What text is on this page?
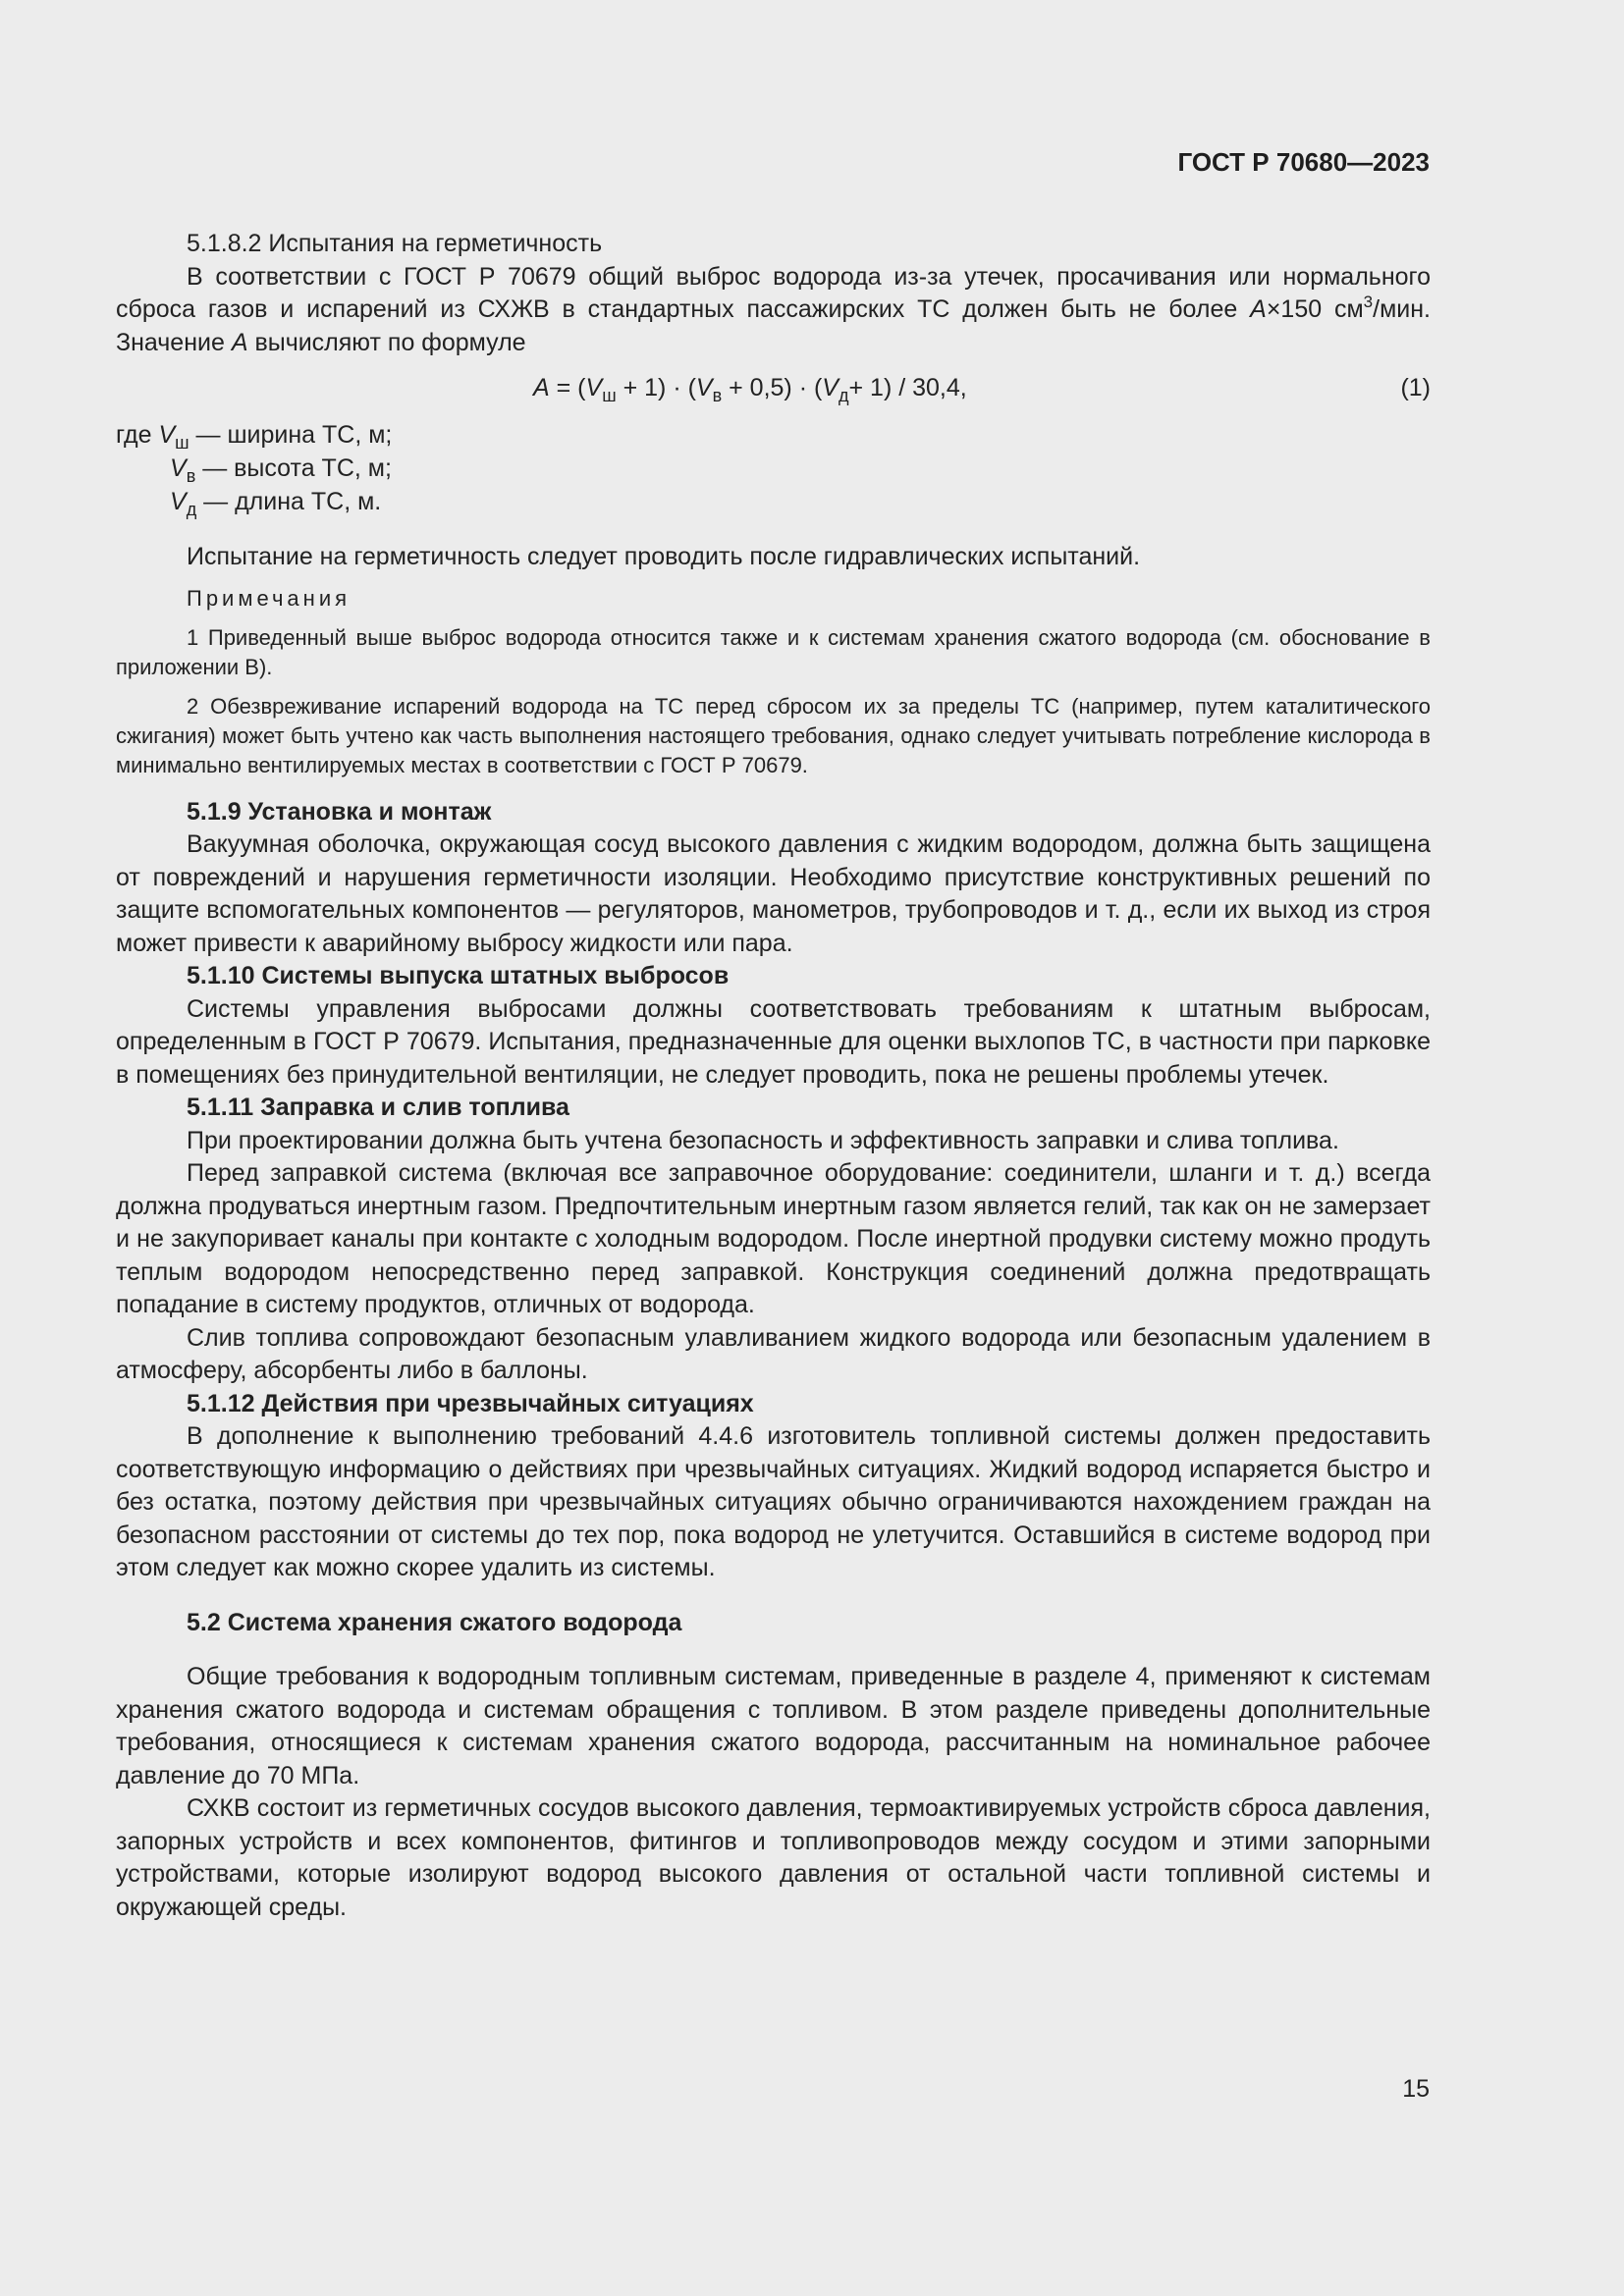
ГОСТ Р 70680—2023

5.1.8.2 Испытания на герметичность

В соответствии с ГОСТ Р 70679 общий выброс водорода из-за утечек, просачивания или нормального сброса газов и испарений из СХЖВ в стандартных пассажирских ТС должен быть не более A×150 $см^3$/мин. Значение A вычисляют по формуле

$A = (V_ш + 1) \cdot (V_в + 0,5) \cdot (V_д+ 1) / 30,4$,	(1)
где $V_ш$ — ширина ТС, м;
$V_в$ — высота ТС, м;
$V_д$ — длина ТС, м.

Испытание на герметичность следует проводить после гидравлических испытаний.

Примечания

1 Приведенный выше выброс водорода относится также и к системам хранения сжатого водорода (см. обоснование в приложении В).

2 Обезвреживание испарений водорода на ТС перед сбросом их за пределы ТС (например, путем каталитического сжигания) может быть учтено как часть выполнения настоящего требования, однако следует учитывать потребление кислорода в минимально вентилируемых местах в соответствии с ГОСТ Р 70679.

5.1.9 Установка и монтаж

Вакуумная оболочка, окружающая сосуд высокого давления с жидким водородом, должна быть защищена от повреждений и нарушения герметичности изоляции. Необходимо присутствие конструктивных решений по защите вспомогательных компонентов — регуляторов, манометров, трубопроводов и т. д., если их выход из строя может привести к аварийному выбросу жидкости или пара.

5.1.10 Системы выпуска штатных выбросов

Системы управления выбросами должны соответствовать требованиям к штатным выбросам, определенным в ГОСТ Р 70679. Испытания, предназначенные для оценки выхлопов ТС, в частности при парковке в помещениях без принудительной вентиляции, не следует проводить, пока не решены проблемы утечек.

5.1.11 Заправка и слив топлива

При проектировании должна быть учтена безопасность и эффективность заправки и слива топлива.

Перед заправкой система (включая все заправочное оборудование: соединители, шланги и т. д.) всегда должна продуваться инертным газом. Предпочтительным инертным газом является гелий, так как он не замерзает и не закупоривает каналы при контакте с холодным водородом. После инертной продувки систему можно продуть теплым водородом непосредственно перед заправкой. Конструкция соединений должна предотвращать попадание в систему продуктов, отличных от водорода.

Слив топлива сопровождают безопасным улавливанием жидкого водорода или безопасным удалением в атмосферу, абсорбенты либо в баллоны.

5.1.12 Действия при чрезвычайных ситуациях

В дополнение к выполнению требований 4.4.6 изготовитель топливной системы должен предоставить соответствующую информацию о действиях при чрезвычайных ситуациях. Жидкий водород испаряется быстро и без остатка, поэтому действия при чрезвычайных ситуациях обычно ограничиваются нахождением граждан на безопасном расстоянии от системы до тех пор, пока водород не улетучится. Оставшийся в системе водород при этом следует как можно скорее удалить из системы.

5.2 Система хранения сжатого водорода

Общие требования к водородным топливным системам, приведенные в разделе 4, применяют к системам хранения сжатого водорода и системам обращения с топливом. В этом разделе приведены дополнительные требования, относящиеся к системам хранения сжатого водорода, рассчитанным на номинальное рабочее давление до 70 МПа.

СХКВ состоит из герметичных сосудов высокого давления, термоактивируемых устройств сброса давления, запорных устройств и всех компонентов, фитингов и топливопроводов между сосудом и этими запорными устройствами, которые изолируют водород высокого давления от остальной части топливной системы и окружающей среды.

15
